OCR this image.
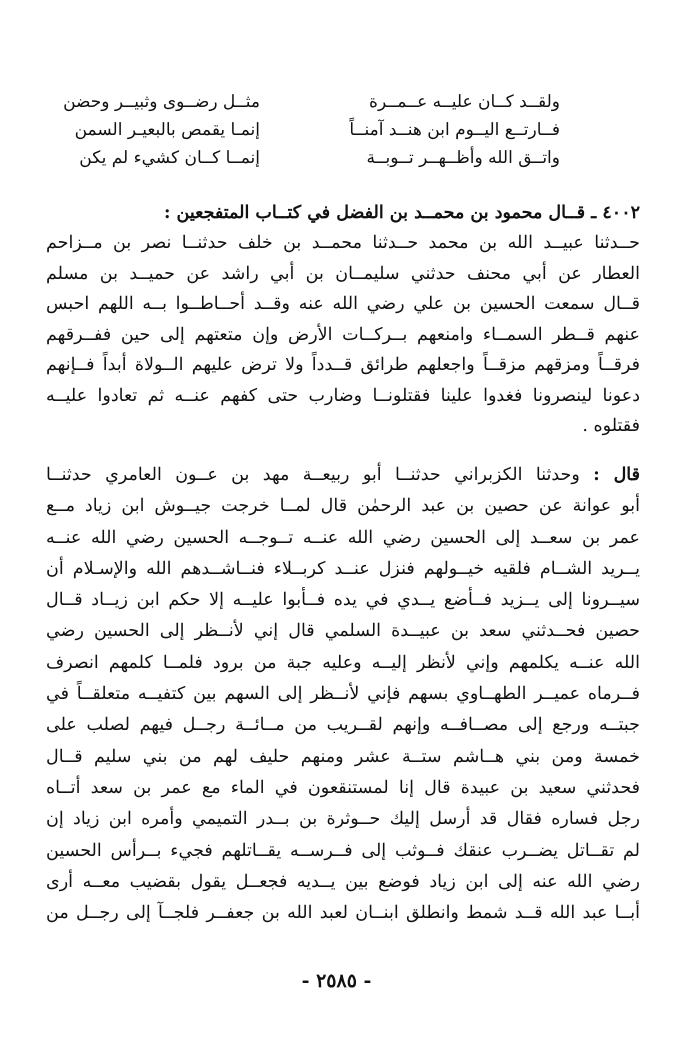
ولقــد كــان عليــه عــمــرة
مثــل رضــوى وثبيــر وحضن
فــارتــع اليــوم ابن هنــد آمنــاً
إنمـا يقمص بالبعيـر السمن
واتــق الله وأظــهــر تــوبــة
إنمــا كــان كشيء لم يكن
٤٠٠٢ ـ قــال محمود بن محمــد بن الفضل في كتــاب المتفجعين :
حــدثنا عبيــد الله بن محمد حــدثنا محمــد بن خلف حدثنــا نصر بن مــزاحم
العطار عن أبي محنف حدثني سليمــان بن أبي راشد عن حميــد بن مسلم
قــال سمعت الحسين بن علي رضي الله عنه وقــد أحــاطــوا بــه اللهم احبس
عنهم قــطر السمــاء وامنعهم بــركــات الأرض وإن متعتهم إلى حين ففــرقهم
فرقــاً ومزقهم مزقــاً واجعلهم طرائق قــدداً ولا ترض عليهم الــولاة أبداً فــإنهم
دعونا لينصرونا فغدوا علينا فقتلونــا وضارب حتى كفهم عنــه ثم تعادوا عليــه
فقتلوه .
قال : وحدثنا الكزبراني حدثنــا أبو ربيعــة مهد بن عــون العامري حدثنــا
أبو عوانة عن حصين بن عبد الرحمٰن قال لمــا خرجت جيــوش ابن زياد مــع
عمر بن سعــد إلى الحسين رضي الله عنــه تــوجــه الحسين رضي الله عنــه
يــريد الشــام فلقيه خيــولهم فنزل عنــد كربــلاء فنــاشــدهم الله والإسـلام أن
سيــرونا إلى يــزيد فــأضع يــدي في يده فــأبوا عليــه إلا حكم ابن زيــاد قــال
حصين فحــدثني سعد بن عبيــدة السلمي قال إني لأنــظر إلى الحسين رضي
الله عنــه يكلمهم وإني لأنظر إليــه وعليه جبة من برود فلمــا كلمهم انصرف
فــرماه عميــر الطهــاوي بسهم فإني لأنــظر إلى السهم بين كتفيــه متعلقــاً في
جبتــه ورجع إلى مصــافــه وإنهم لقــريب من مــائــة رجــل فيهم لصلب على
خمسة ومن بني هــاشم ستــة عشر ومنهم حليف لهم من بني سليم قــال
فحدثني سعيد بن عبيدة قال إنا لمستنقعون في الماء مع عمر بن سعد أتــاه
رجل فساره فقال قد أرسل إليك حــوثرة بن بــدر التميمي وأمره ابن زياد إن
لم تقــاتل يضــرب عنقك فــوثب إلى فــرســه يقــاتلهم فجيء بــرأس الحسين
رضي الله عنه إلى ابن زياد فوضع بين يــديه فجعــل يقول بقضيب معــه أرى
أبــا عبد الله قــد شمط وانطلق ابنــان لعبد الله بن جعفــر فلجــآ إلى رجــل من
- ٢٥٨٥ -
